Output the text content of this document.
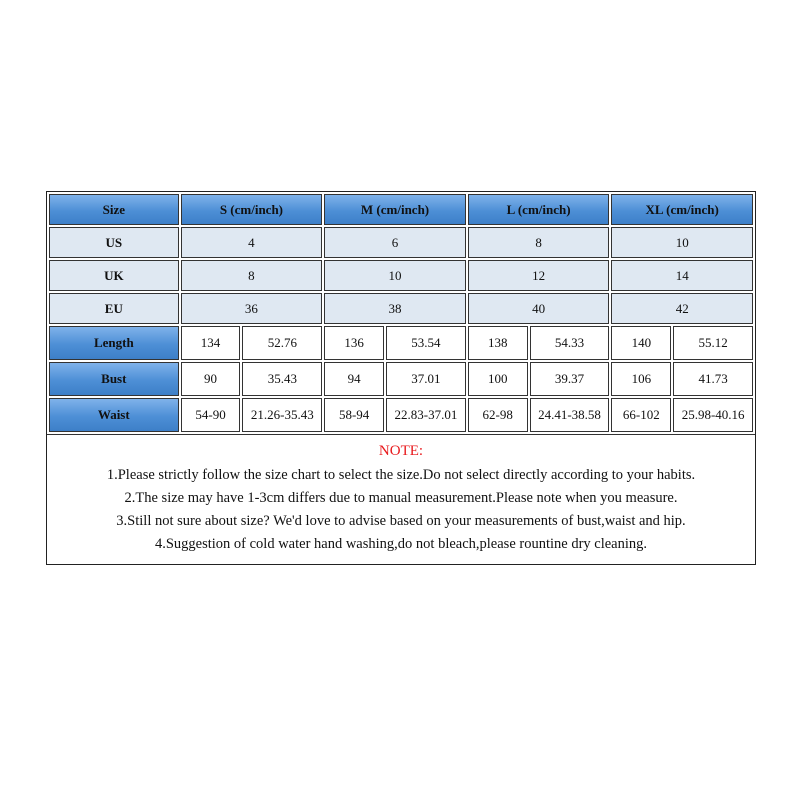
Size	S (cm/inch)	M (cm/inch)	L (cm/inch)	XL (cm/inch)
US	4	6	8	10
UK	8	10	12	14
EU	36	38	40	42
Length	134	52.76	136	53.54	138	54.33	140	55.12
Bust	90	35.43	94	37.01	100	39.37	106	41.73
Waist	54-90	21.26-35.43	58-94	22.83-37.01	62-98	24.41-38.58	66-102	25.98-40.16
NOTE:
1.Please strictly follow the size chart to select the size.Do not select directly according to your habits.
2.The size may have 1-3cm differs due to manual measurement.Please note when you measure.
3.Still not sure about size? We'd love to advise based on your measurements of bust,waist and hip.
4.Suggestion of cold water hand washing,do not bleach,please rountine dry cleaning.
